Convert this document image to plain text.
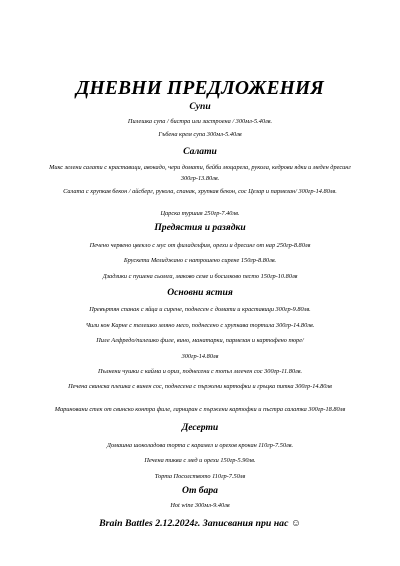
ДНЕВНИ ПРЕДЛОЖЕНИЯ
Супи
Пилешка супа / бистра или застроена / 300мл-5.40лв.
Гъбена крем супа 300мл-5.40лв
Салати
Микс зелени салати с краставици, авокадо, чери домати, бейби моцарела, рукола, кедрови ядки и меден дресинг 300гр-13.80лв.
Салата с хрупкав бекон / айсберг, рукола, спанак, хрупкав бекон, сос Цезар и пармезан/ 300гр-14.80лв.
Царска туршия 250гр-7.40лв.
Предястия и разядки
Печено червено цвекло с мус от филаделфия, орехи и дресинг от нар 250гр-8.80лв
Брускети Мелиджано с натрошено сирене 150гр-8.80лв.
Дзадзики с пушена сьомга, маково семе и босилково песто 150гр-10.80лв
Основни ястия
Превъртян спанак с яйца и сирене, поднесен с домати и краставици 300гр-9.80лв.
Чили кон Карне с телешко мляно месо, поднесено с хрупкава тортила 300гр-14.80лв.
Пиле Алфредо/пилешко филе, вино, манатарки, пармезан и картофено пюре/
300гр-14.80лв
Пълнени чушки с кайма и ориз, поднесени с топъл млечен сос 300гр-11.80лв.
Печена свинска плешка с винен сос, поднесена с пържени картофки и гръцка питка 300гр-14.80лв
Мариновани стек от свинско контра филе, гарниран с пържени картофки и пъстра салатка 300гр-18.80лв
Десерти
Домашна шоколадова торта с карамел и орехов крокан 110гр-7.50лв.
Печена тиква с мед и орехи 150гр-5.90лв.
Торта Посолството 110гр-7.50лв
От бара
Hot wine 300мл-9.40лв
Brain Battles 2.12.2024г. Записвания при нас ☺
